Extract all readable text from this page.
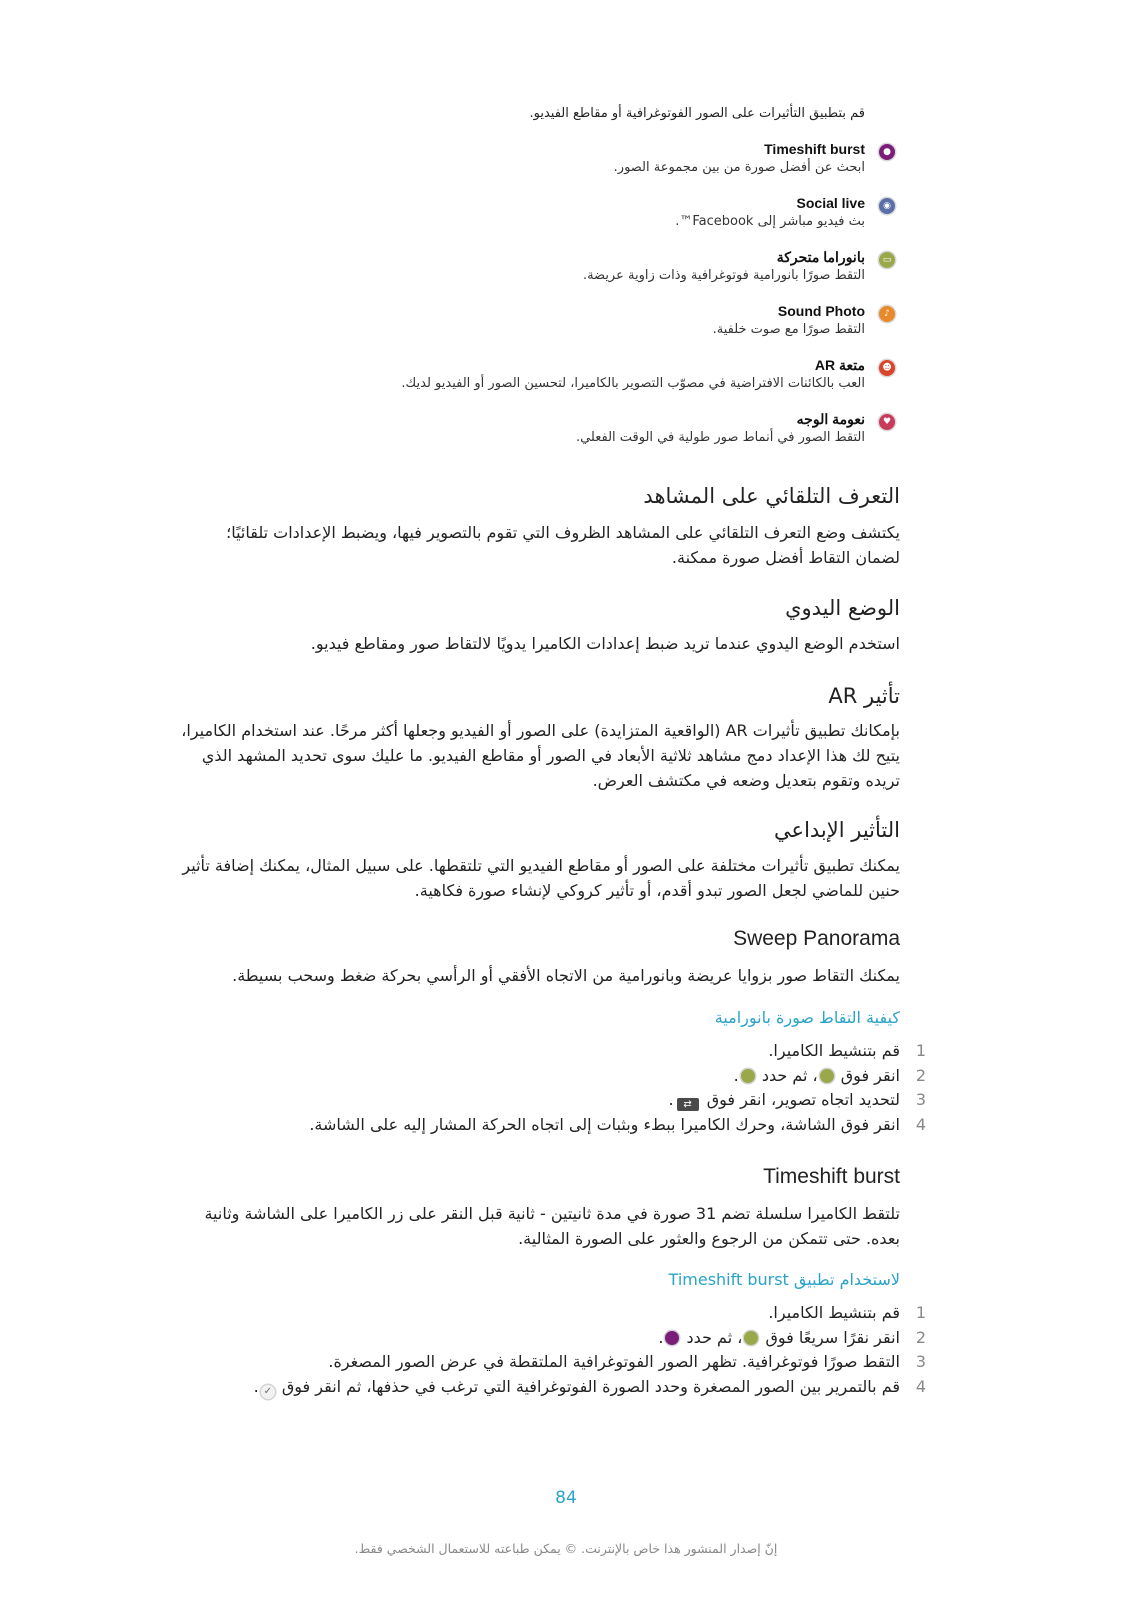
قم بتطبيق التأثيرات على الصور الفوتوغرافية أو مقاطع الفيديو.
●
Timeshift burst
ابحث عن أفضل صورة من بين مجموعة الصور.
◉
Social live
بث فيديو مباشر إلى Facebook™.
▭
بانوراما متحركة
التقط صورًا بانورامية فوتوغرافية وذات زاوية عريضة.
♪
Sound Photo
التقط صورًا مع صوت خلفية.
☻
متعة AR
العب بالكائنات الافتراضية في مصوّب التصوير بالكاميرا، لتحسين الصور أو الفيديو لديك.
♥
نعومة الوجه
التقط الصور في أنماط صور طولية في الوقت الفعلي.
التعرف التلقائي على المشاهد
يكتشف وضع التعرف التلقائي على المشاهد الظروف التي تقوم بالتصوير فيها، ويضبط الإعدادات تلقائيًا؛ لضمان التقاط أفضل صورة ممكنة.
الوضع اليدوي
استخدم الوضع اليدوي عندما تريد ضبط إعدادات الكاميرا يدويًا لالتقاط صور ومقاطع فيديو.
تأثير AR
بإمكانك تطبيق تأثيرات AR (الواقعية المتزايدة) على الصور أو الفيديو وجعلها أكثر مرحًا. عند استخدام الكاميرا، يتيح لك هذا الإعداد دمج مشاهد ثلاثية الأبعاد في الصور أو مقاطع الفيديو. ما عليك سوى تحديد المشهد الذي تريده وتقوم بتعديل وضعه في مكتشف العرض.
التأثير الإبداعي
يمكنك تطبيق تأثيرات مختلفة على الصور أو مقاطع الفيديو التي تلتقطها. على سبيل المثال، يمكنك إضافة تأثير حنين للماضي لجعل الصور تبدو أقدم، أو تأثير كروكي لإنشاء صورة فكاهية.
Sweep Panorama
يمكنك التقاط صور بزوايا عريضة وبانورامية من الاتجاه الأفقي أو الرأسي بحركة ضغط وسحب بسيطة.
كيفية التقاط صورة بانورامية
1
قم بتنشيط الكاميرا.
2
انقر فوق ، ثم حدد .
3
لتحديد اتجاه تصوير، انقر فوق ⇄.
4
انقر فوق الشاشة، وحرك الكاميرا ببطء وبثبات إلى اتجاه الحركة المشار إليه على الشاشة.
Timeshift burst
تلتقط الكاميرا سلسلة تضم 31 صورة في مدة ثانيتين - ثانية قبل النقر على زر الكاميرا على الشاشة وثانية بعده. حتى تتمكن من الرجوع والعثور على الصورة المثالية.
لاستخدام تطبيق Timeshift burst
1
قم بتنشيط الكاميرا.
2
انقر نقرًا سريعًا فوق ، ثم حدد .
3
التقط صورًا فوتوغرافية. تظهر الصور الفوتوغرافية الملتقطة في عرض الصور المصغرة.
4
قم بالتمرير بين الصور المصغرة وحدد الصورة الفوتوغرافية التي ترغب في حذفها، ثم انقر فوق ✓.
84
إنّ إصدار المنشور هذا خاص بالإنترنت. © يمكن طباعته للاستعمال الشخصي فقط.
